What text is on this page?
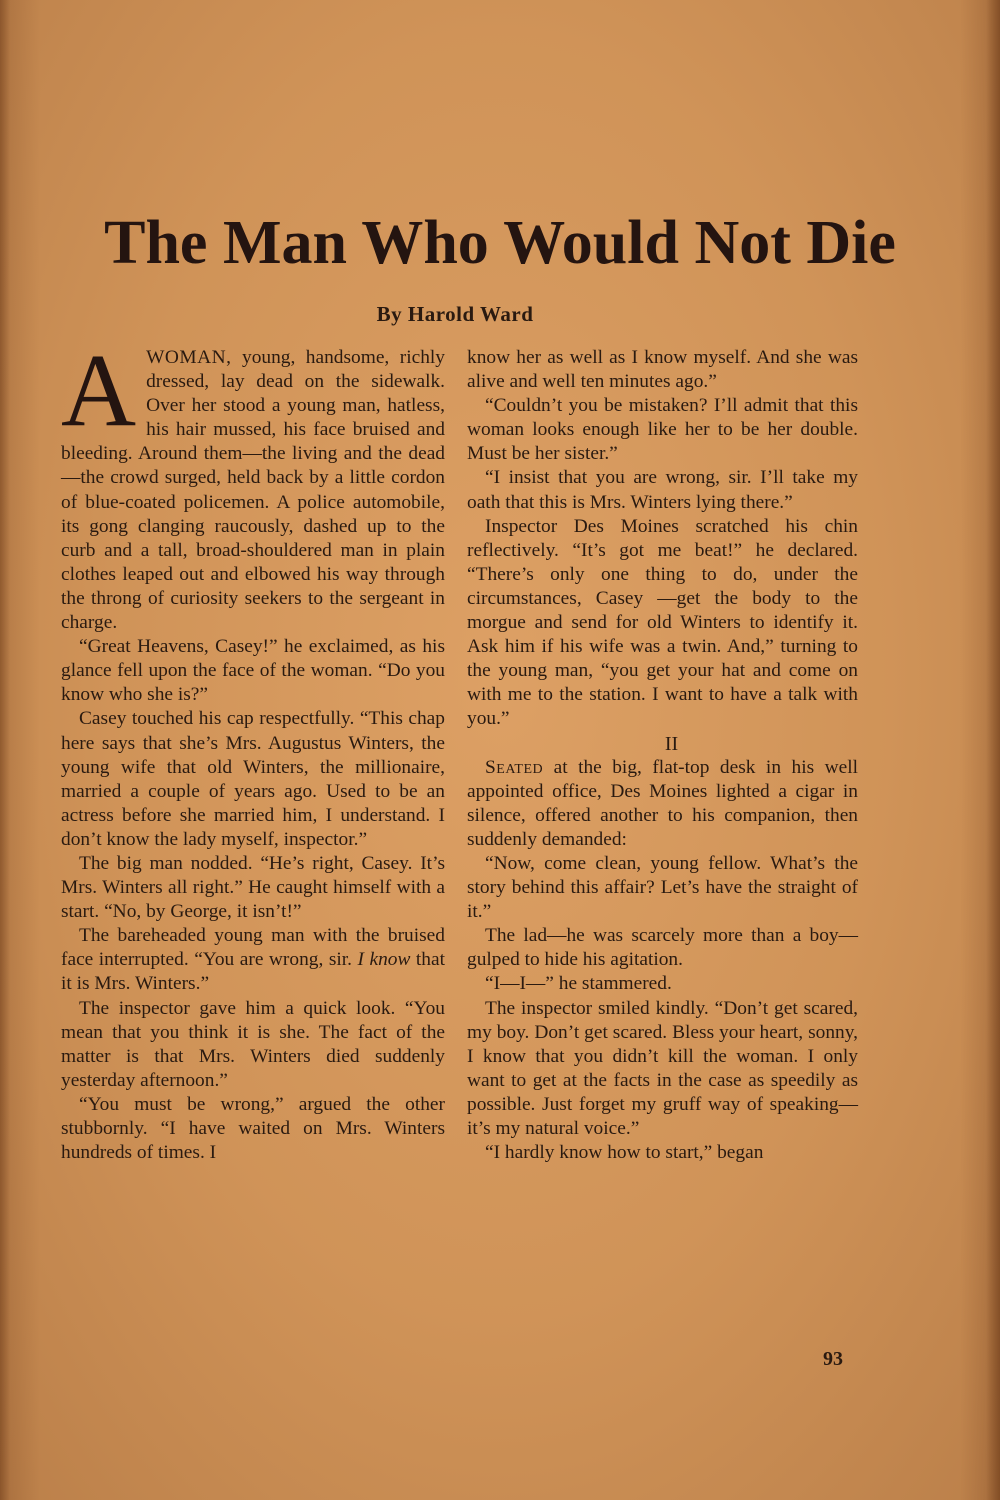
The Man Who Would Not Die
By Harold Ward

AWOMAN, young, handsome, richly dressed, lay dead on the sidewalk. Over her stood a young man, hatless, his hair mussed, his face bruised and bleeding. Around them—the living and the dead—the crowd surged, held back by a little cordon of blue-coated policemen. A police automobile, its gong clanging raucously, dashed up to the curb and a tall, broad-shouldered man in plain clothes leaped out and elbowed his way through the throng of curiosity seekers to the sergeant in charge.

“Great Heavens, Casey!” he exclaimed, as his glance fell upon the face of the woman. “Do you know who she is?”

Casey touched his cap respectfully. “This chap here says that she’s Mrs. Augustus Winters, the young wife that old Winters, the millionaire, married a couple of years ago. Used to be an actress before she married him, I understand. I don’t know the lady myself, inspector.”

The big man nodded. “He’s right, Casey. It’s Mrs. Winters all right.” He caught himself with a start. “No, by George, it isn’t!”

The bareheaded young man with the bruised face interrupted. “You are wrong, sir. I know that it is Mrs. Winters.”

The inspector gave him a quick look. “You mean that you think it is she. The fact of the matter is that Mrs. Winters died suddenly yesterday afternoon.”

“You must be wrong,” argued the other stubbornly. “I have waited on Mrs. Winters hundreds of times. I

know her as well as I know myself. And she was alive and well ten minutes ago.”

“Couldn’t you be mistaken? I’ll admit that this woman looks enough like her to be her double. Must be her sister.”

“I insist that you are wrong, sir. I’ll take my oath that this is Mrs. Winters lying there.”

Inspector Des Moines scratched his chin reflectively. “It’s got me beat!” he declared. “There’s only one thing to do, under the circumstances, Casey —get the body to the morgue and send for old Winters to identify it. Ask him if his wife was a twin. And,” turning to the young man, “you get your hat and come on with me to the station. I want to have a talk with you.”

II

Seated at the big, flat-top desk in his well appointed office, Des Moines lighted a cigar in silence, offered another to his companion, then suddenly demanded:

“Now, come clean, young fellow. What’s the story behind this affair? Let’s have the straight of it.”

The lad—he was scarcely more than a boy—gulped to hide his agitation.

“I—I—” he stammered.

The inspector smiled kindly. “Don’t get scared, my boy. Don’t get scared. Bless your heart, sonny, I know that you didn’t kill the woman. I only want to get at the facts in the case as speedily as possible. Just forget my gruff way of speaking—it’s my natural voice.”

“I hardly know how to start,” began

93
